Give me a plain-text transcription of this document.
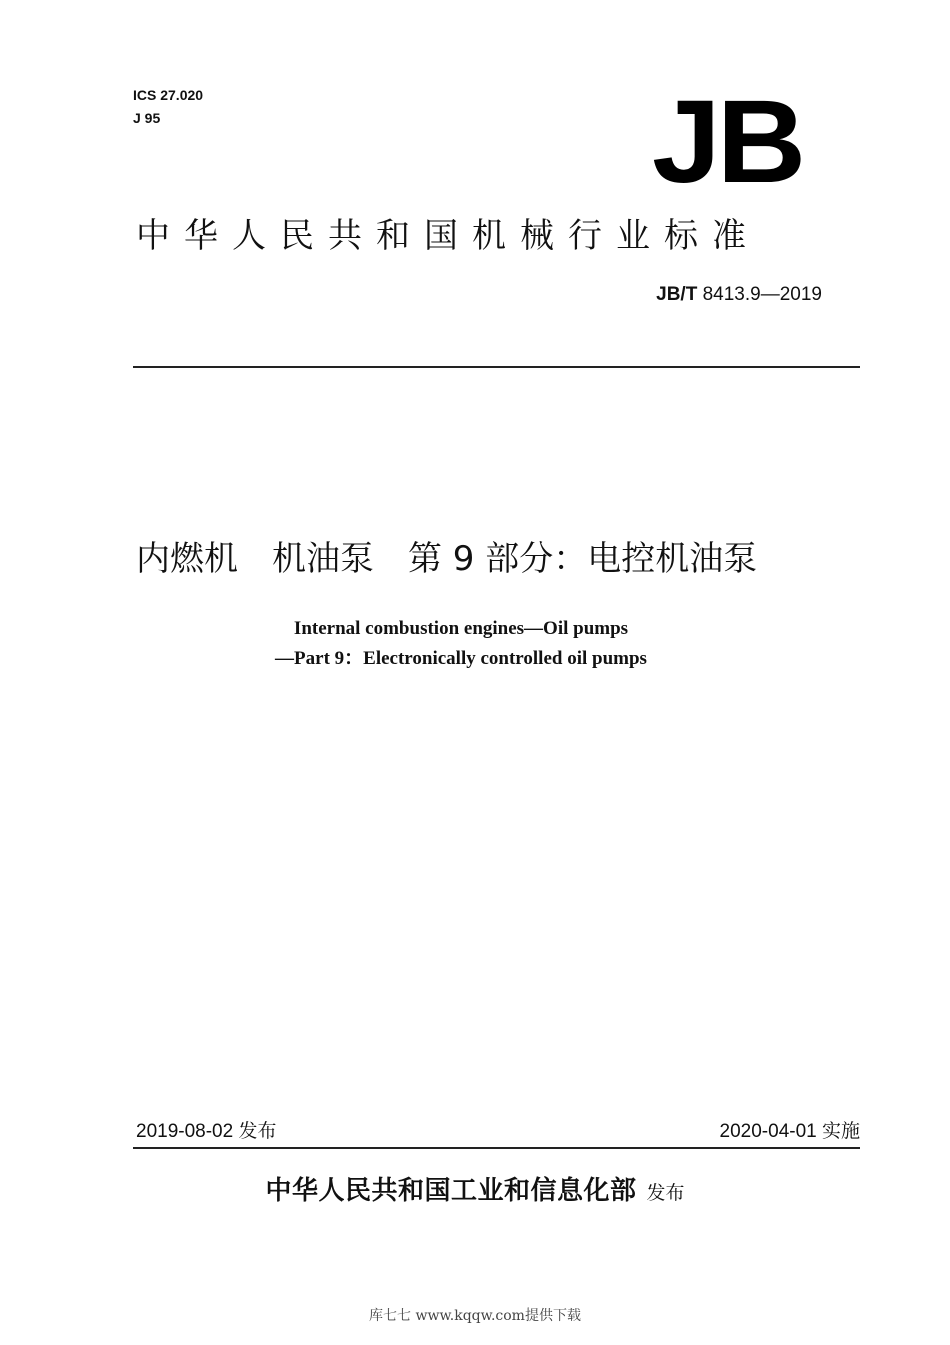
ICS 27.020
J 95	JB
中华人民共和国机械行业标准
JB/T 8413.9—2019
内燃机　机油泵　第 9 部分：电控机油泵
Internal combustion engines—Oil pumps
—Part 9：Electronically controlled oil pumps
2019-08-02 发布	2020-04-01 实施
中华人民共和国工业和信息化部 发布
库七七 www.kqqw.com提供下载
